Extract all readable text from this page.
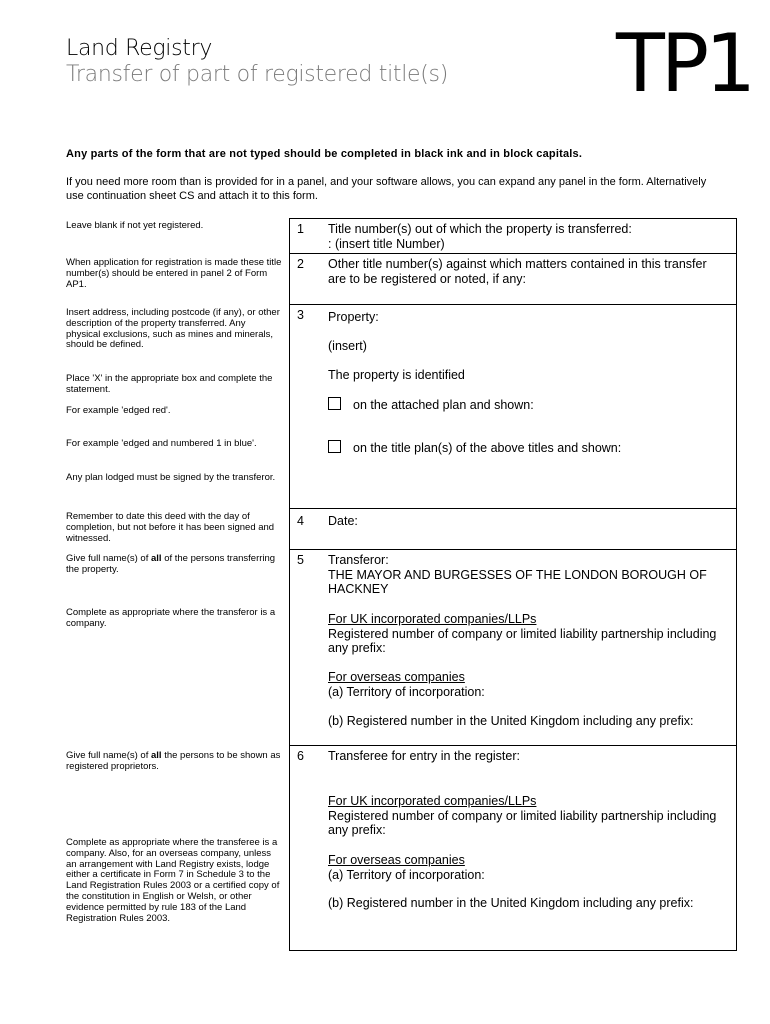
Land Registry
Transfer of part of registered title(s) TP1
Any parts of the form that are not typed should be completed in black ink and in block capitals.
If you need more room than is provided for in a panel, and your software allows, you can expand any panel in the form. Alternatively use continuation sheet CS and attach it to this form.
Leave blank if not yet registered.
When application for registration is made these title number(s) should be entered in panel 2 of Form AP1.
Insert address, including postcode (if any), or other description of the property transferred. Any physical exclusions, such as mines and minerals, should be defined.
Place 'X' in the appropriate box and complete the statement.
For example 'edged red'.
For example 'edged and numbered 1 in blue'.
Any plan lodged must be signed by the transferor.
Remember to date this deed with the day of completion, but not before it has been signed and witnessed.
Give full name(s) of all of the persons transferring the property.
Complete as appropriate where the transferor is a company.
Give full name(s) of all the persons to be shown as registered proprietors.
Complete as appropriate where the transferee is a company. Also, for an overseas company, unless an arrangement with Land Registry exists, lodge either a certificate in Form 7 in Schedule 3 to the Land Registration Rules 2003 or a certified copy of the constitution in English or Welsh, or other evidence permitted by rule 183 of the Land Registration Rules 2003.
1 Title number(s) out of which the property is transferred:
: (insert title Number)
2 Other title number(s) against which matters contained in this transfer are to be registered or noted, if any:
3 Property:
(insert)
The property is identified
on the attached plan and shown:
on the title plan(s) of the above titles and shown:
4 Date:
5 Transferor:
THE MAYOR AND BURGESSES OF THE LONDON BOROUGH OF HACKNEY
For UK incorporated companies/LLPs
Registered number of company or limited liability partnership including any prefix:
For overseas companies
(a) Territory of incorporation:
(b) Registered number in the United Kingdom including any prefix:
6 Transferee for entry in the register:
For UK incorporated companies/LLPs
Registered number of company or limited liability partnership including any prefix:
For overseas companies
(a) Territory of incorporation:
(b) Registered number in the United Kingdom including any prefix:
